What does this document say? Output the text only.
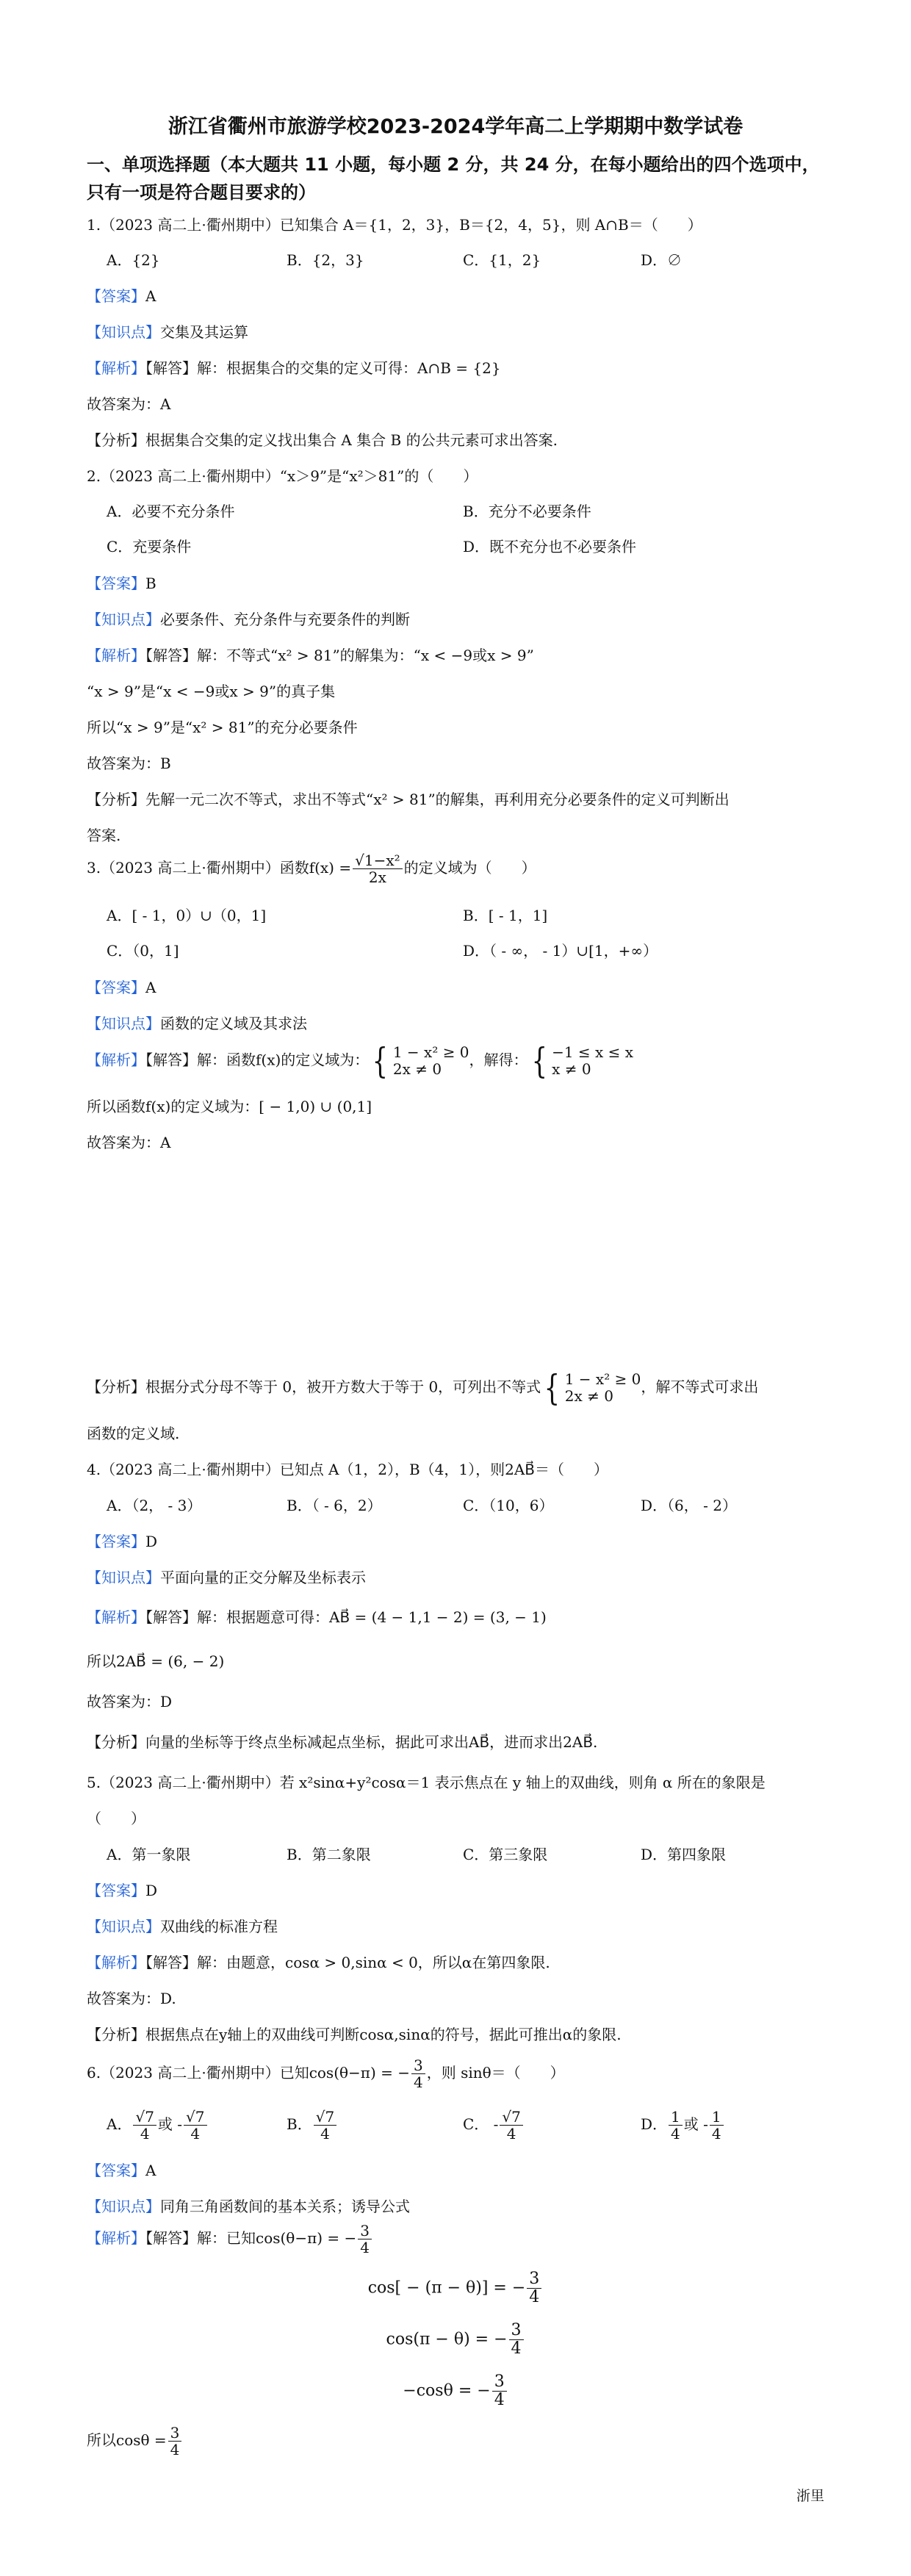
浙江省衢州市旅游学校2023-2024学年高二上学期期中数学试卷
一、单项选择题（本大题共 11 小题，每小题 2 分，共 24 分，在每小题给出的四个选项中，
只有一项是符合题目要求的）
1.（2023 高二上·衢州期中）已知集合 A＝{1，2，3}，B＝{2，4，5}，则 A∩B＝（　　）
A．{2}	B．{2，3}	C．{1，2}	D．∅
【答案】A
【知识点】交集及其运算
【解析】【解答】解：根据集合的交集的定义可得：A∩B = {2}
故答案为：A
【分析】根据集合交集的定义找出集合 A 集合 B 的公共元素可求出答案.
2.（2023 高二上·衢州期中）“x＞9”是“x²＞81”的（　　）
A．必要不充分条件	B．充分不必要条件
C．充要条件	D．既不充分也不必要条件
【答案】B
【知识点】必要条件、充分条件与充要条件的判断
【解析】【解答】解：不等式“x² > 81”的解集为：“x < −9或x > 9”
“x > 9”是“x < −9或x > 9”的真子集
所以“x > 9”是“x² > 81”的充分必要条件
故答案为：B
【分析】先解一元二次不等式，求出不等式“x² > 81”的解集，再利用充分必要条件的定义可判断出
答案.
3.（2023 高二上·衢州期中）函数$f(x) = \frac{\text{√1−x²}}{2x}$ 的定义域为（　　）
A．[ - 1，0）∪（0，1]	B．[ - 1，1]
C．（0，1]	D．（ - ∞， - 1）∪[1，+∞）
【答案】A
【知识点】函数的定义域及其求法
【解析】【解答】解：函数f(x)的定义域为：{ 1 − x² ≥ 0
2x ≠ 0
，解得：{ −1 ≤ x ≤ x
x ≠ 0
所以函数f(x)的定义域为：[ − 1,0) ∪ (0,1]
故答案为：A
【分析】根据分式分母不等于 0，被开方数大于等于 0，可列出不等式{ 1 − x² ≥ 0
2x ≠ 0
，解不等式可求出
函数的定义域.
4.（2023 高二上·衢州期中）已知点 A（1，2），B（4，1），则2AB⃗＝（　　）
A．（2， - 3）	B．（ - 6，2）	C．（10，6）	D．（6， - 2）
【答案】D
【知识点】平面向量的正交分解及坐标表示
【解析】【解答】解：根据题意可得：AB⃗ = (4 − 1,1 − 2) = (3, − 1)
所以2AB⃗ = (6, − 2)
故答案为：D
【分析】向量的坐标等于终点坐标减起点坐标，据此可求出AB⃗，进而求出2AB⃗.
5.（2023 高二上·衢州期中）若 x²sinα+y²cosα＝1 表示焦点在 y 轴上的双曲线，则角 α 所在的象限是
（　　）
A．第一象限	B．第二象限	C．第三象限	D．第四象限
【答案】D
【知识点】双曲线的标准方程
【解析】【解答】解：由题意，cosα > 0,sinα < 0，所以α在第四象限.
故答案为：D.
【分析】根据焦点在y轴上的双曲线可判断cosα,sinα的符号，据此可推出α的象限.
6.（2023 高二上·衢州期中）已知cos(θ−π) = − $\frac{3}{4}$ ，则 sinθ＝（　　）
A． $\frac{√7}{4}$ 或 - $\frac{√7}{4}$	B． $\frac{√7}{4}$	C． - $\frac{√7}{4}$	D． $\frac{1}{4}$ 或 - $\frac{1}{4}$
【答案】A
【知识点】同角三角函数间的基本关系；诱导公式
【解析】【解答】解：已知cos(θ−π) = − $\frac{3}{4}$
cos[ − (π − θ)] = − $\frac{3}{4}$
cos(π − θ) = − $\frac{3}{4}$
−cosθ = − $\frac{3}{4}$
所以$\cos\theta = \frac{3}{4}$
浙里
